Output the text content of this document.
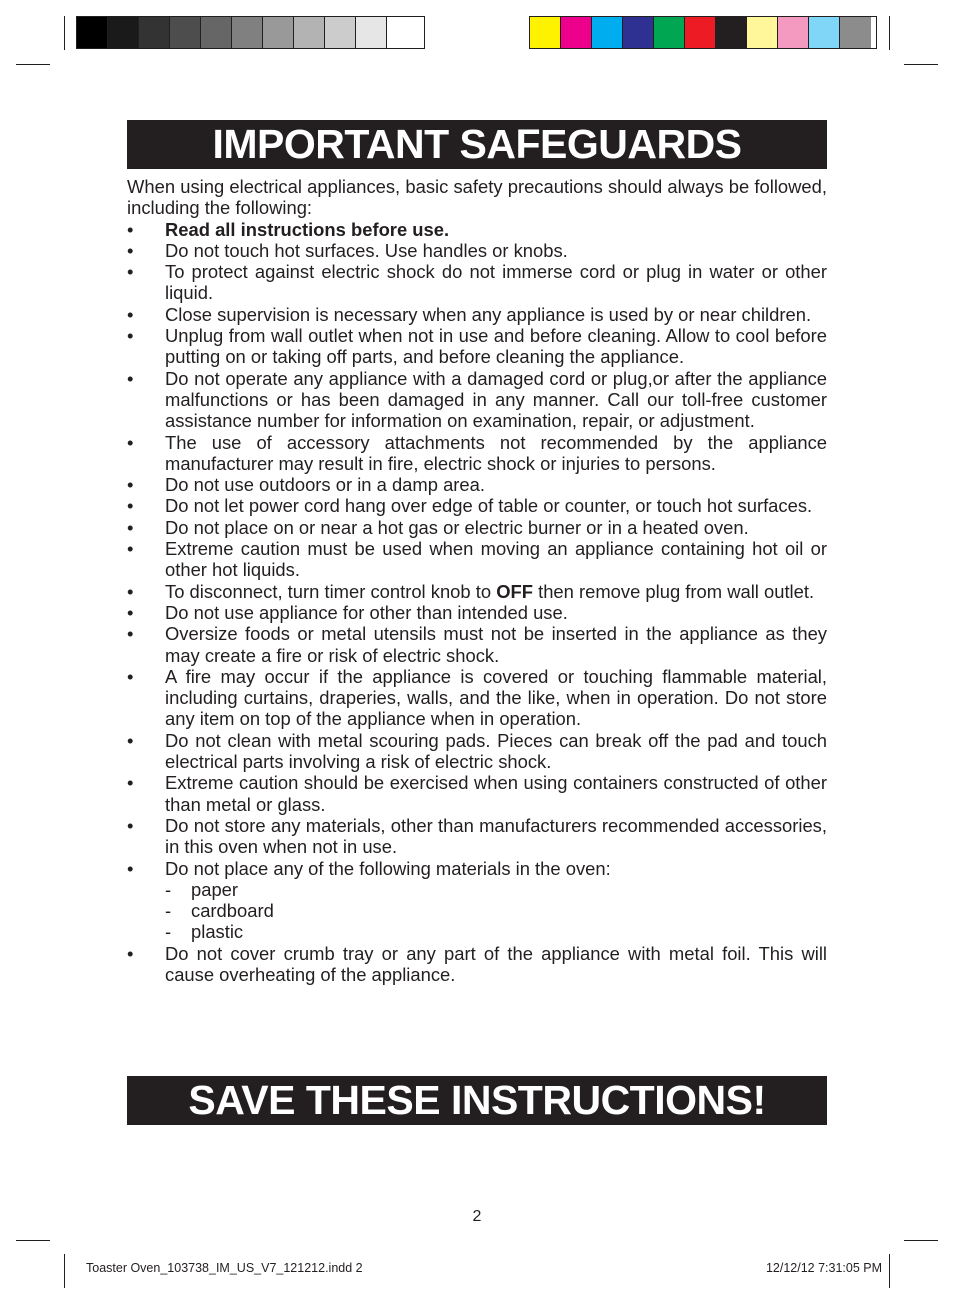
IMPORTANT SAFEGUARDS

When using electrical appliances, basic safety precautions should always be followed, including the following:

• Read all instructions before use.
• Do not touch hot surfaces. Use handles or knobs.
• To protect against electric shock do not immerse cord or plug in water or other liquid.
• Close supervision is necessary when any appliance is used by or near children.
• Unplug from wall outlet when not in use and before cleaning. Allow to cool before putting on or taking off parts, and before cleaning the appliance.
• Do not operate any appliance with a damaged cord or plug,or after the appliance malfunctions or has been damaged in any manner. Call our toll-free customer assistance number for information on examination, repair, or adjustment.
• The use of accessory attachments not recommended by the appliance manufacturer may result in fire, electric shock or injuries to persons.
• Do not use outdoors or in a damp area.
• Do not let power cord hang over edge of table or counter, or touch hot surfaces.
• Do not place on or near a hot gas or electric burner or in a heated oven.
• Extreme caution must be used when moving an appliance containing hot oil or other hot liquids.
• To disconnect, turn timer control knob to OFF then remove plug from wall outlet.
• Do not use appliance for other than intended use.
• Oversize foods or metal utensils must not be inserted in the appliance as they may create a fire or risk of electric shock.
• A fire may occur if the appliance is covered or touching flammable material, including curtains, draperies, walls, and the like, when in operation. Do not store any item on top of the appliance when in operation.
• Do not clean with metal scouring pads. Pieces can break off the pad and touch electrical parts involving a risk of electric shock.
• Extreme caution should be exercised when using containers constructed of other than metal or glass.
• Do not store any materials, other than manufacturers recommended accessories, in this oven when not in use.
• Do not place any of the following materials in the oven:
- paper
- cardboard
- plastic
• Do not cover crumb tray or any part of the appliance with metal foil. This will cause overheating of the appliance.
SAVE THESE INSTRUCTIONS!
2
Toaster Oven_103738_IM_US_V7_121212.indd 2	12/12/12 7:31:05 PM
